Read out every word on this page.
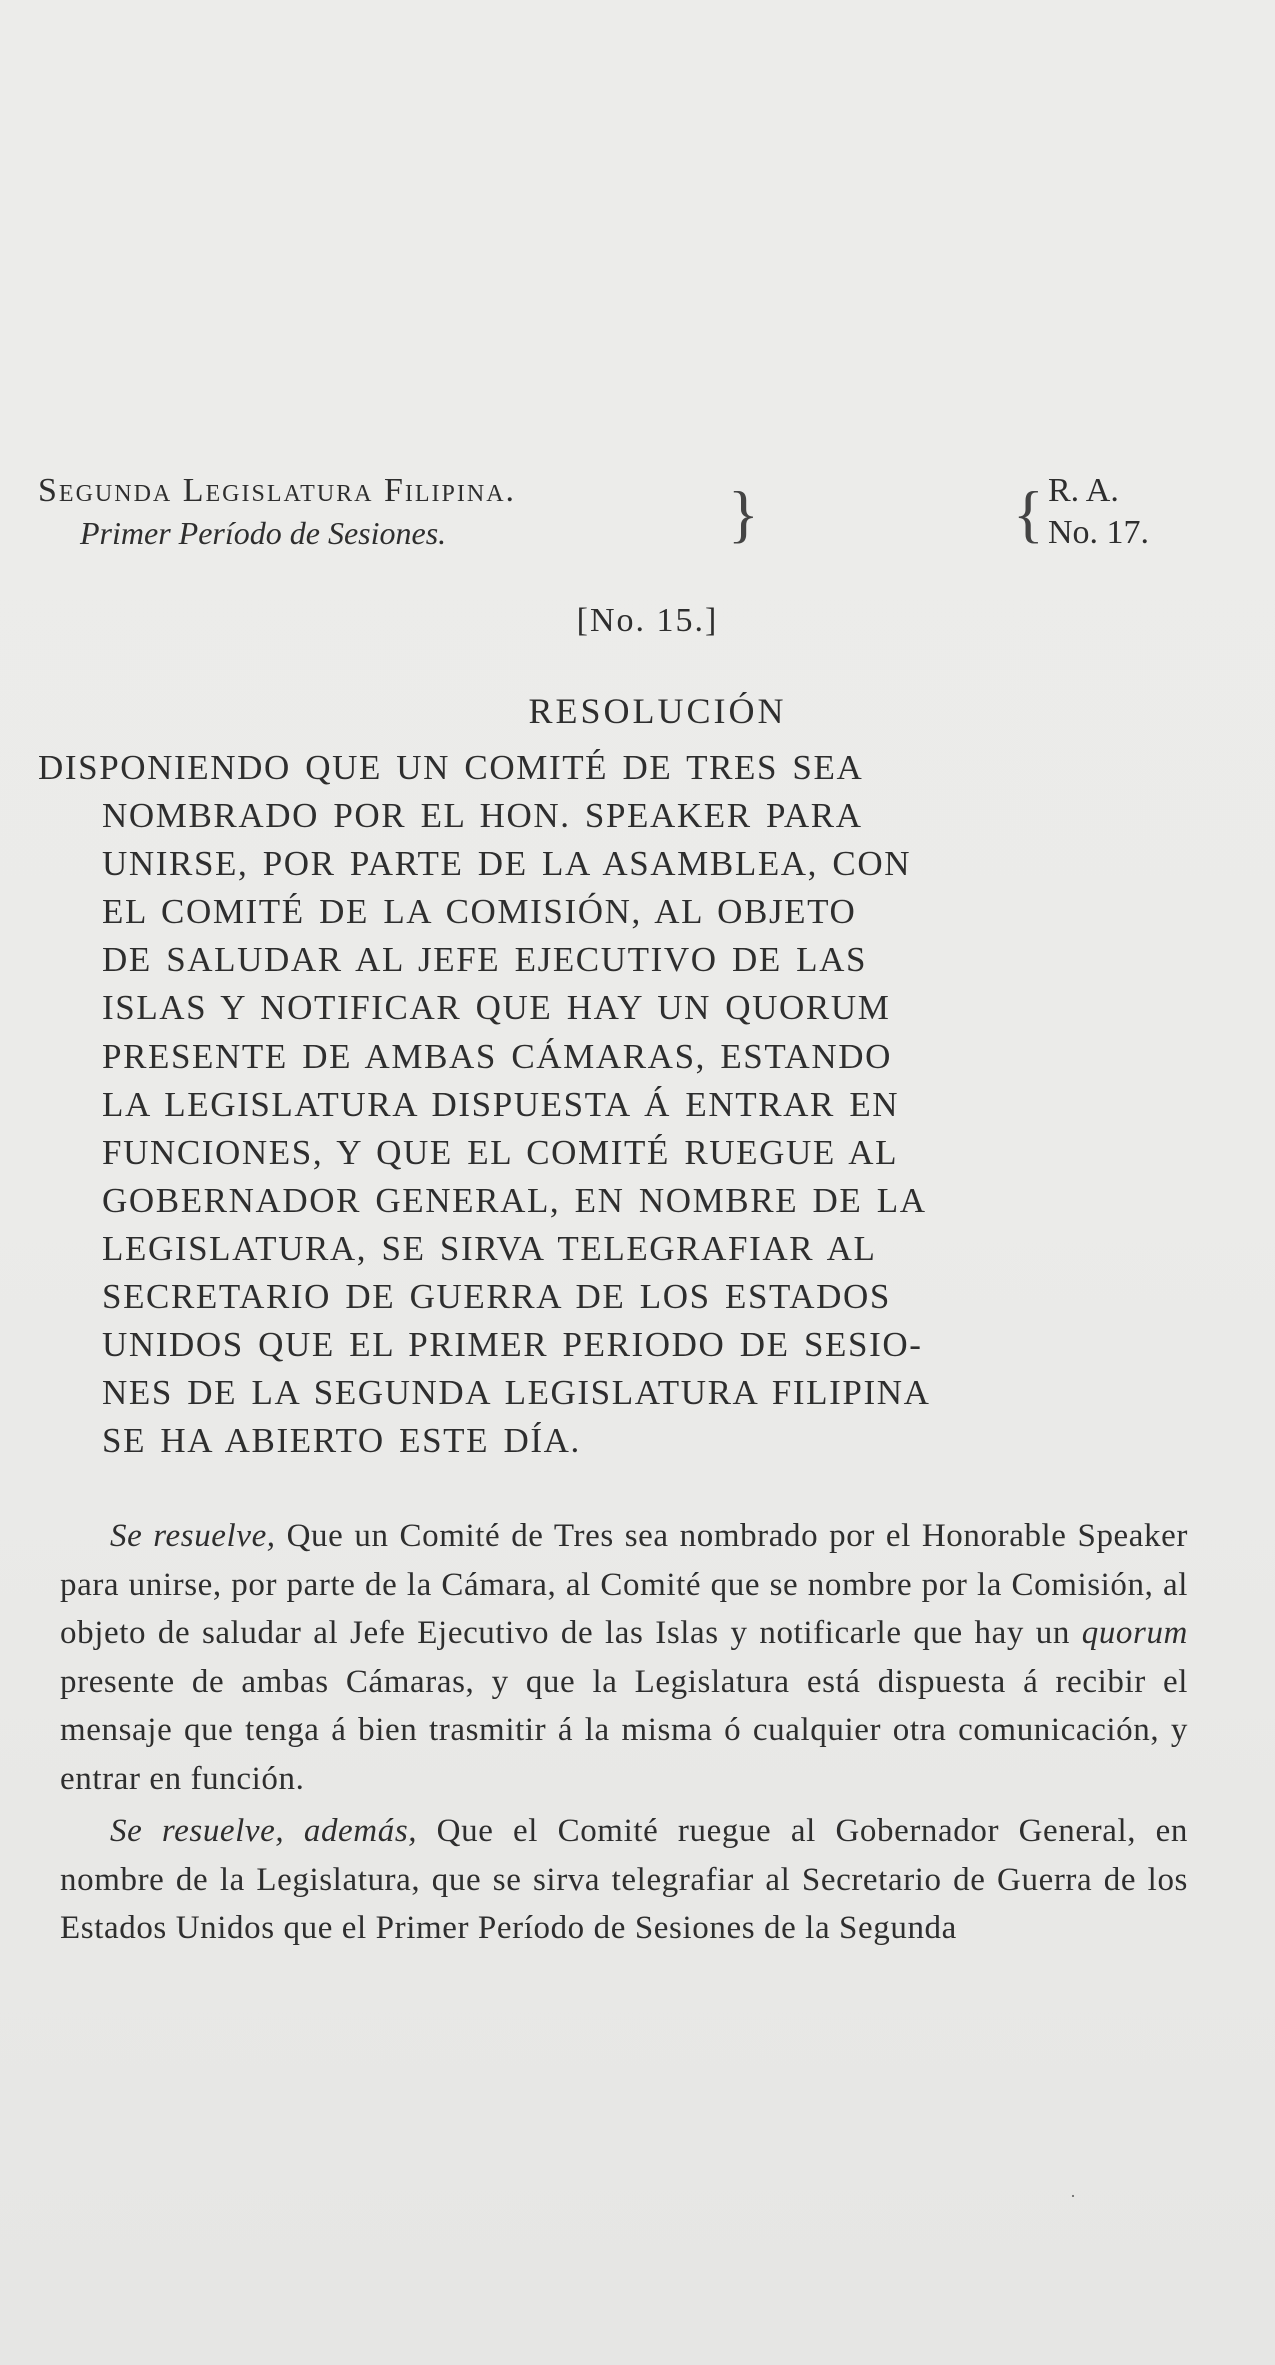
Segunda Legislatura Filipina.
Primer Período de Sesiones.	}	{ R. A.
No. 17.
[No. 15.]
RESOLUCIÓN
DISPONIENDO QUE UN COMITÉ DE TRES SEA
NOMBRADO POR EL HON. SPEAKER PARA
UNIRSE, POR PARTE DE LA ASAMBLEA, CON
EL COMITÉ DE LA COMISIÓN, AL OBJETO
DE SALUDAR AL JEFE EJECUTIVO DE LAS
ISLAS Y NOTIFICAR QUE HAY UN QUORUM
PRESENTE DE AMBAS CÁMARAS, ESTANDO
LA LEGISLATURA DISPUESTA Á ENTRAR EN
FUNCIONES, Y QUE EL COMITÉ RUEGUE AL
GOBERNADOR GENERAL, EN NOMBRE DE LA
LEGISLATURA, SE SIRVA TELEGRAFIAR AL
SECRETARIO DE GUERRA DE LOS ESTADOS
UNIDOS QUE EL PRIMER PERIODO DE SESIO-
NES DE LA SEGUNDA LEGISLATURA FILIPINA
SE HA ABIERTO ESTE DÍA.

Se resuelve, Que un Comité de Tres sea nombrado por el Honorable Speaker para unirse, por parte de la Cámara, al Comité que se nombre por la Comisión, al objeto de saludar al Jefe Ejecutivo de las Islas y notificarle que hay un quorum presente de ambas Cámaras, y que la Legislatura está dispuesta á recibir el mensaje que tenga á bien trasmitir á la misma ó cualquier otra comunicación, y entrar en función.

Se resuelve, además, Que el Comité ruegue al Gobernador General, en nombre de la Legislatura, que se sirva telegrafiar al Secretario de Guerra de los Estados Unidos que el Primer Período de Sesiones de la Segunda

·
